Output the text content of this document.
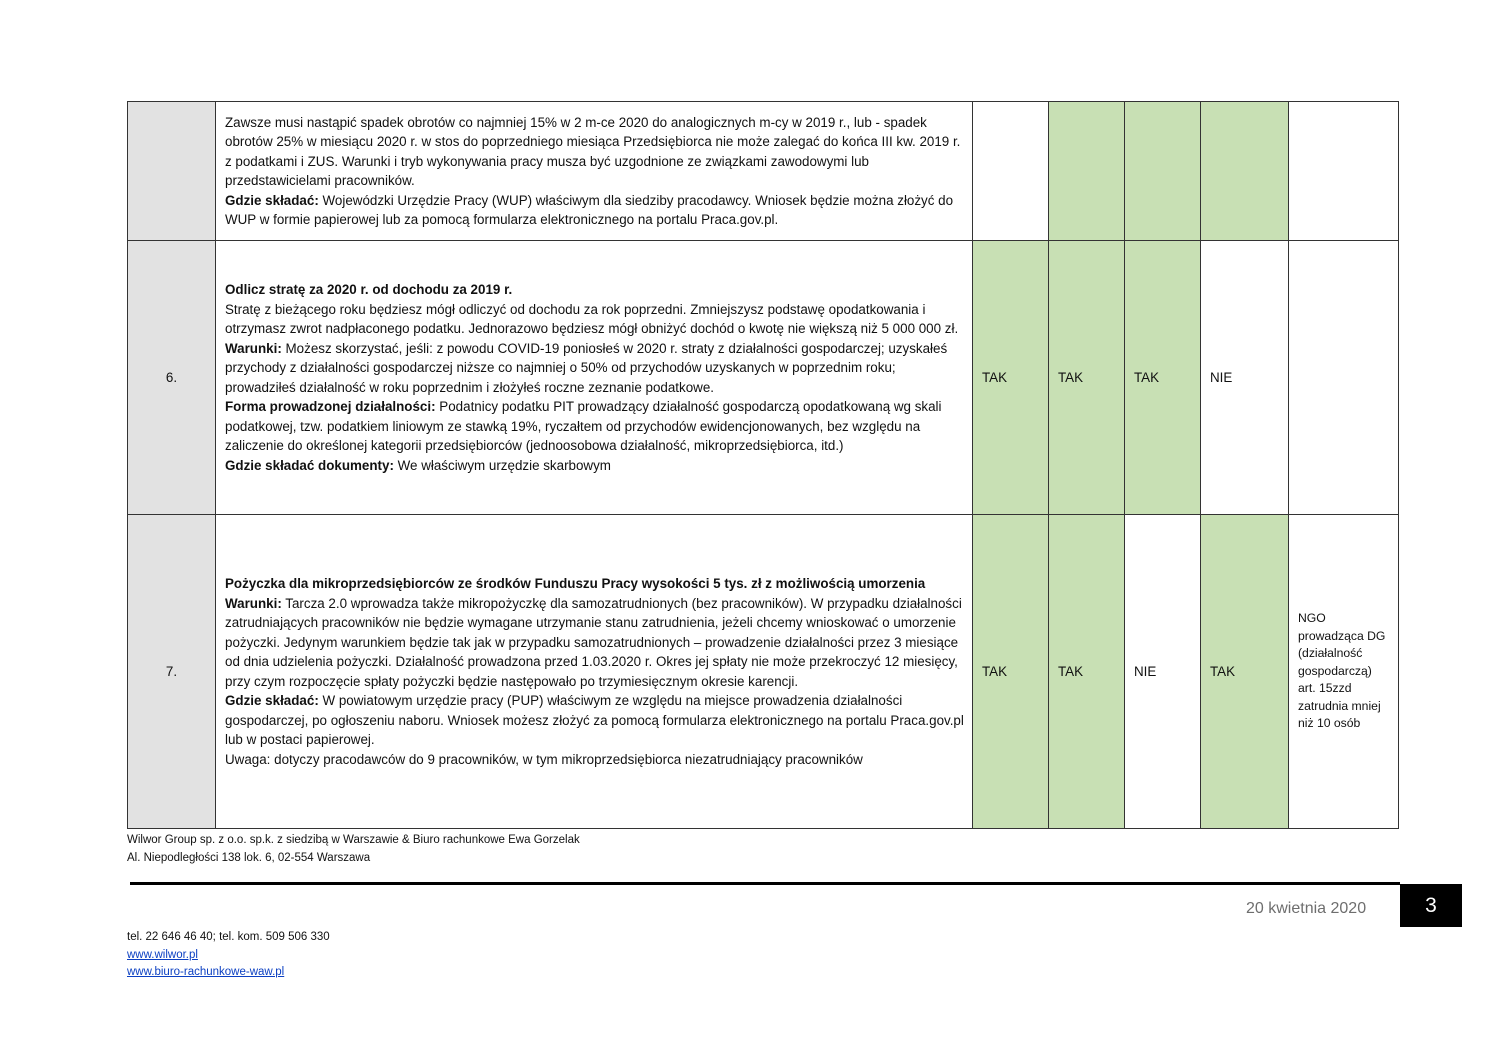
	Zawsze musi nastąpić spadek obrotów co najmniej 15% w 2 m-ce 2020 do analogicznych m-cy w 2019 r., lub - spadek obrotów 25% w miesiącu 2020 r. w stos do poprzedniego miesiąca Przedsiębiorca nie może zalegać do końca III kw. 2019 r. z podatkami i ZUS. Warunki i tryb wykonywania pracy musza być uzgodnione ze związkami zawodowymi lub przedstawicielami pracowników.
Gdzie składać: Wojewódzki Urzędzie Pracy (WUP) właściwym dla siedziby pracodawcy. Wniosek będzie można złożyć do WUP w formie papierowej lub za pomocą formularza elektronicznego na portalu Praca.gov.pl.					

6.	Odlicz stratę za 2020 r. od dochodu za 2019 r.
Stratę z bieżącego roku będziesz mógł odliczyć od dochodu za rok poprzedni. Zmniejszysz podstawę opodatkowania i otrzymasz zwrot nadpłaconego podatku. Jednorazowo będziesz mógł obniżyć dochód o kwotę nie większą niż 5 000 000 zł.
Warunki: Możesz skorzystać, jeśli: z powodu COVID-19 poniosłeś w 2020 r. straty z działalności gospodarczej; uzyskałeś przychody z działalności gospodarczej niższe co najmniej o 50% od przychodów uzyskanych w poprzednim roku; prowadziłeś działalność w roku poprzednim i złożyłeś roczne zeznanie podatkowe.
Forma prowadzonej działalności: Podatnicy podatku PIT prowadzący działalność gospodarczą opodatkowaną wg skali podatkowej, tzw. podatkiem liniowym ze stawką 19%, ryczałtem od przychodów ewidencjonowanych, bez względu na zaliczenie do określonej kategorii przedsiębiorców (jednoosobowa działalność, mikroprzedsiębiorca, itd.)
Gdzie składać dokumenty: We właściwym urzędzie skarbowym	TAK	TAK	TAK	NIE	
7.	Pożyczka dla mikroprzedsiębiorców ze środków Funduszu Pracy wysokości 5 tys. zł z możliwością umorzenia
Warunki: Tarcza 2.0 wprowadza także mikropożyczkę dla samozatrudnionych (bez pracowników). W przypadku działalności zatrudniających pracowników nie będzie wymagane utrzymanie stanu zatrudnienia, jeżeli chcemy wnioskować o umorzenie pożyczki. Jedynym warunkiem będzie tak jak w przypadku samozatrudnionych – prowadzenie działalności przez 3 miesiące od dnia udzielenia pożyczki. Działalność prowadzona przed 1.03.2020 r. Okres jej spłaty nie może przekroczyć 12 miesięcy, przy czym rozpoczęcie spłaty pożyczki będzie następowało po trzymiesięcznym okresie karencji.
Gdzie składać: W powiatowym urzędzie pracy (PUP) właściwym ze względu na miejsce prowadzenia działalności gospodarczej, po ogłoszeniu naboru. Wniosek możesz złożyć za pomocą formularza elektronicznego na portalu Praca.gov.pl lub w postaci papierowej.
Uwaga: dotyczy pracodawców do 9 pracowników, w tym mikroprzedsiębiorca niezatrudniający pracowników	TAK	TAK	NIE	TAK	NGO prowadząca DG (działalność gospodarczą) art. 15zzd zatrudnia mniej niż 10 osób
Wilwor Group sp. z o.o. sp.k. z siedzibą w Warszawie & Biuro rachunkowe Ewa Gorzelak
Al. Niepodległości 138 lok. 6, 02-554 Warszawa
20 kwietnia 2020	3
tel. 22 646 46 40; tel. kom. 509 506 330
www.wilwor.pl
www.biuro-rachunkowe-waw.pl
